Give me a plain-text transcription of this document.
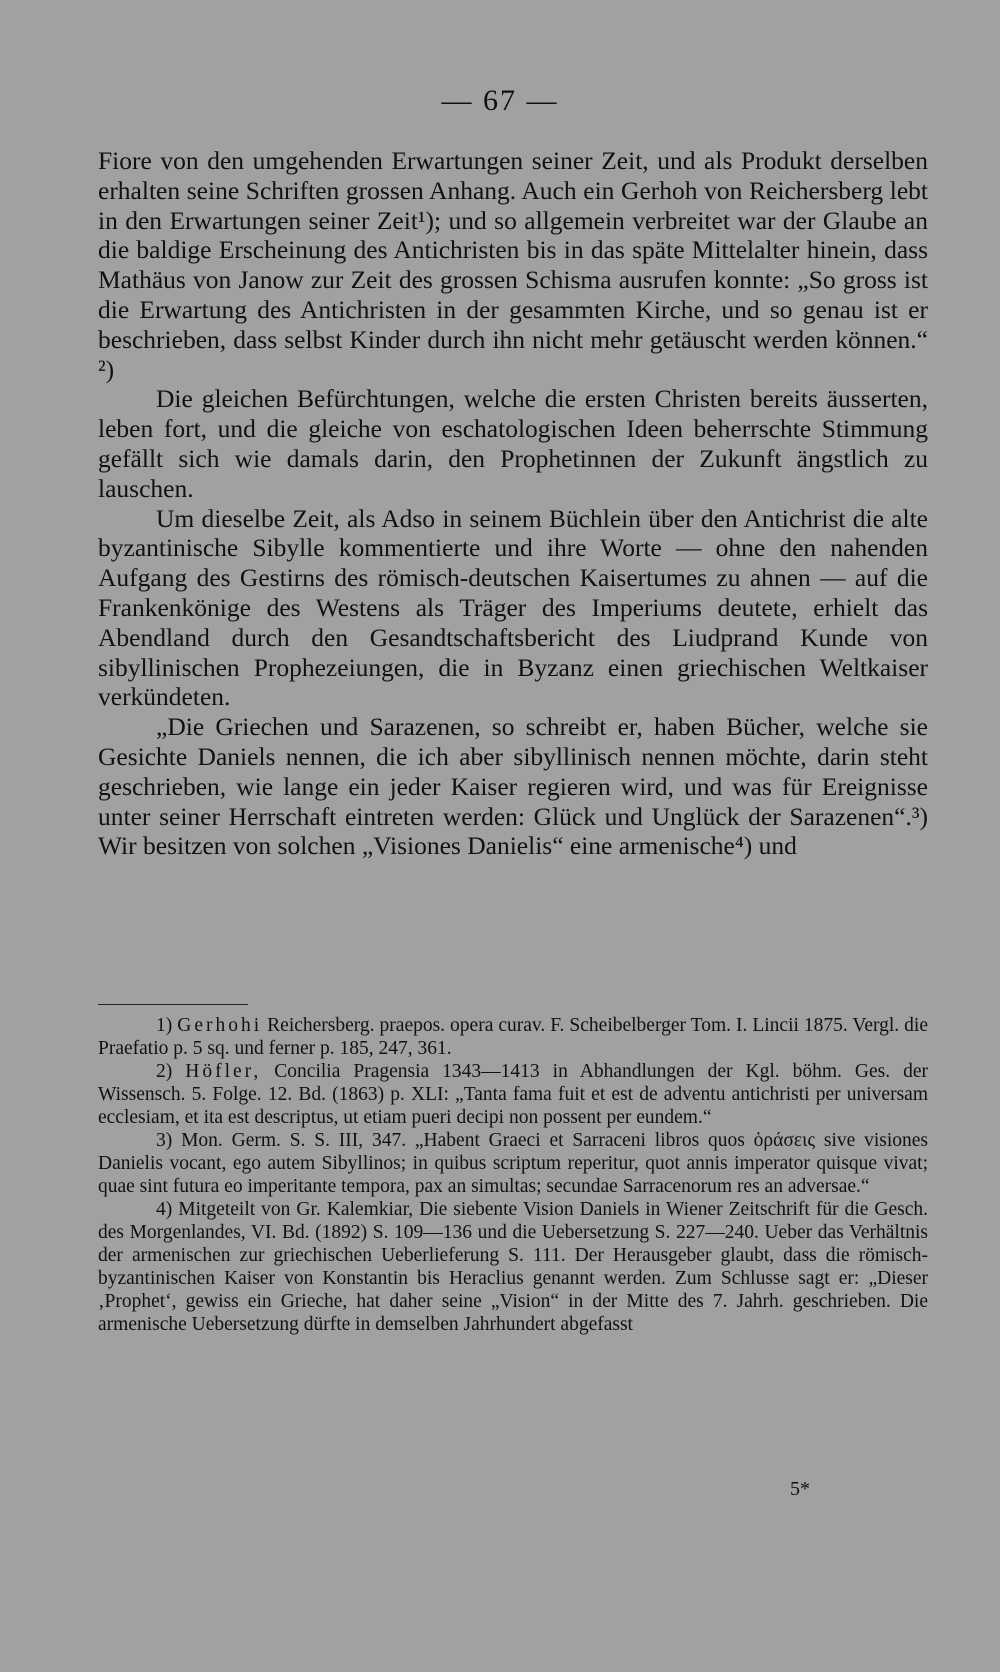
— 67 —

Fiore von den umgehenden Erwartungen seiner Zeit, und als Produkt derselben erhalten seine Schriften grossen Anhang. Auch ein Gerhoh von Reichersberg lebt in den Erwartungen seiner Zeit¹); und so allgemein verbreitet war der Glaube an die baldige Erscheinung des Antichristen bis in das späte Mittelalter hinein, dass Mathäus von Janow zur Zeit des grossen Schisma ausrufen konnte: „So gross ist die Erwartung des Antichristen in der gesammten Kirche, und so genau ist er beschrieben, dass selbst Kinder durch ihn nicht mehr getäuscht werden können.“ ²)

Die gleichen Befürchtungen, welche die ersten Christen bereits äusserten, leben fort, und die gleiche von eschatologischen Ideen beherrschte Stimmung gefällt sich wie damals darin, den Prophetinnen der Zukunft ängstlich zu lauschen.

Um dieselbe Zeit, als Adso in seinem Büchlein über den Antichrist die alte byzantinische Sibylle kommentierte und ihre Worte — ohne den nahenden Aufgang des Gestirns des römisch-deutschen Kaisertumes zu ahnen — auf die Frankenkönige des Westens als Träger des Imperiums deutete, erhielt das Abendland durch den Gesandtschaftsbericht des Liudprand Kunde von sibyllinischen Prophezeiungen, die in Byzanz einen griechischen Weltkaiser verkündeten.

„Die Griechen und Sarazenen, so schreibt er, haben Bücher, welche sie Gesichte Daniels nennen, die ich aber sibyllinisch nennen möchte, darin steht geschrieben, wie lange ein jeder Kaiser regieren wird, und was für Ereignisse unter seiner Herrschaft eintreten werden: Glück und Unglück der Sarazenen“.³) Wir besitzen von solchen „Visiones Danielis“ eine armenische⁴) und

1) Gerhohi Reichersberg. praepos. opera curav. F. Scheibelberger Tom. I. Lincii 1875. Vergl. die Praefatio p. 5 sq. und ferner p. 185, 247, 361.

2) Höfler, Concilia Pragensia 1343—1413 in Abhandlungen der Kgl. böhm. Ges. der Wissensch. 5. Folge. 12. Bd. (1863) p. XLI: „Tanta fama fuit et est de adventu antichristi per universam ecclesiam, et ita est descriptus, ut etiam pueri decipi non possent per eundem.“

3) Mon. Germ. S. S. III, 347. „Habent Graeci et Sarraceni libros quos ὁράσεις sive visiones Danielis vocant, ego autem Sibyllinos; in quibus scriptum reperitur, quot annis imperator quisque vivat; quae sint futura eo imperitante tempora, pax an simultas; secundae Sarracenorum res an adversae.“

4) Mitgeteilt von Gr. Kalemkiar, Die siebente Vision Daniels in Wiener Zeitschrift für die Gesch. des Morgenlandes, VI. Bd. (1892) S. 109—136 und die Uebersetzung S. 227—240. Ueber das Verhältnis der armenischen zur griechischen Ueberlieferung S. 111. Der Herausgeber glaubt, dass die römisch-byzantinischen Kaiser von Konstantin bis Heraclius genannt werden. Zum Schlusse sagt er: „Dieser ‚Prophet‘, gewiss ein Grieche, hat daher seine „Vision“ in der Mitte des 7. Jahrh. geschrieben. Die armenische Uebersetzung dürfte in demselben Jahrhundert abgefasst

5*
